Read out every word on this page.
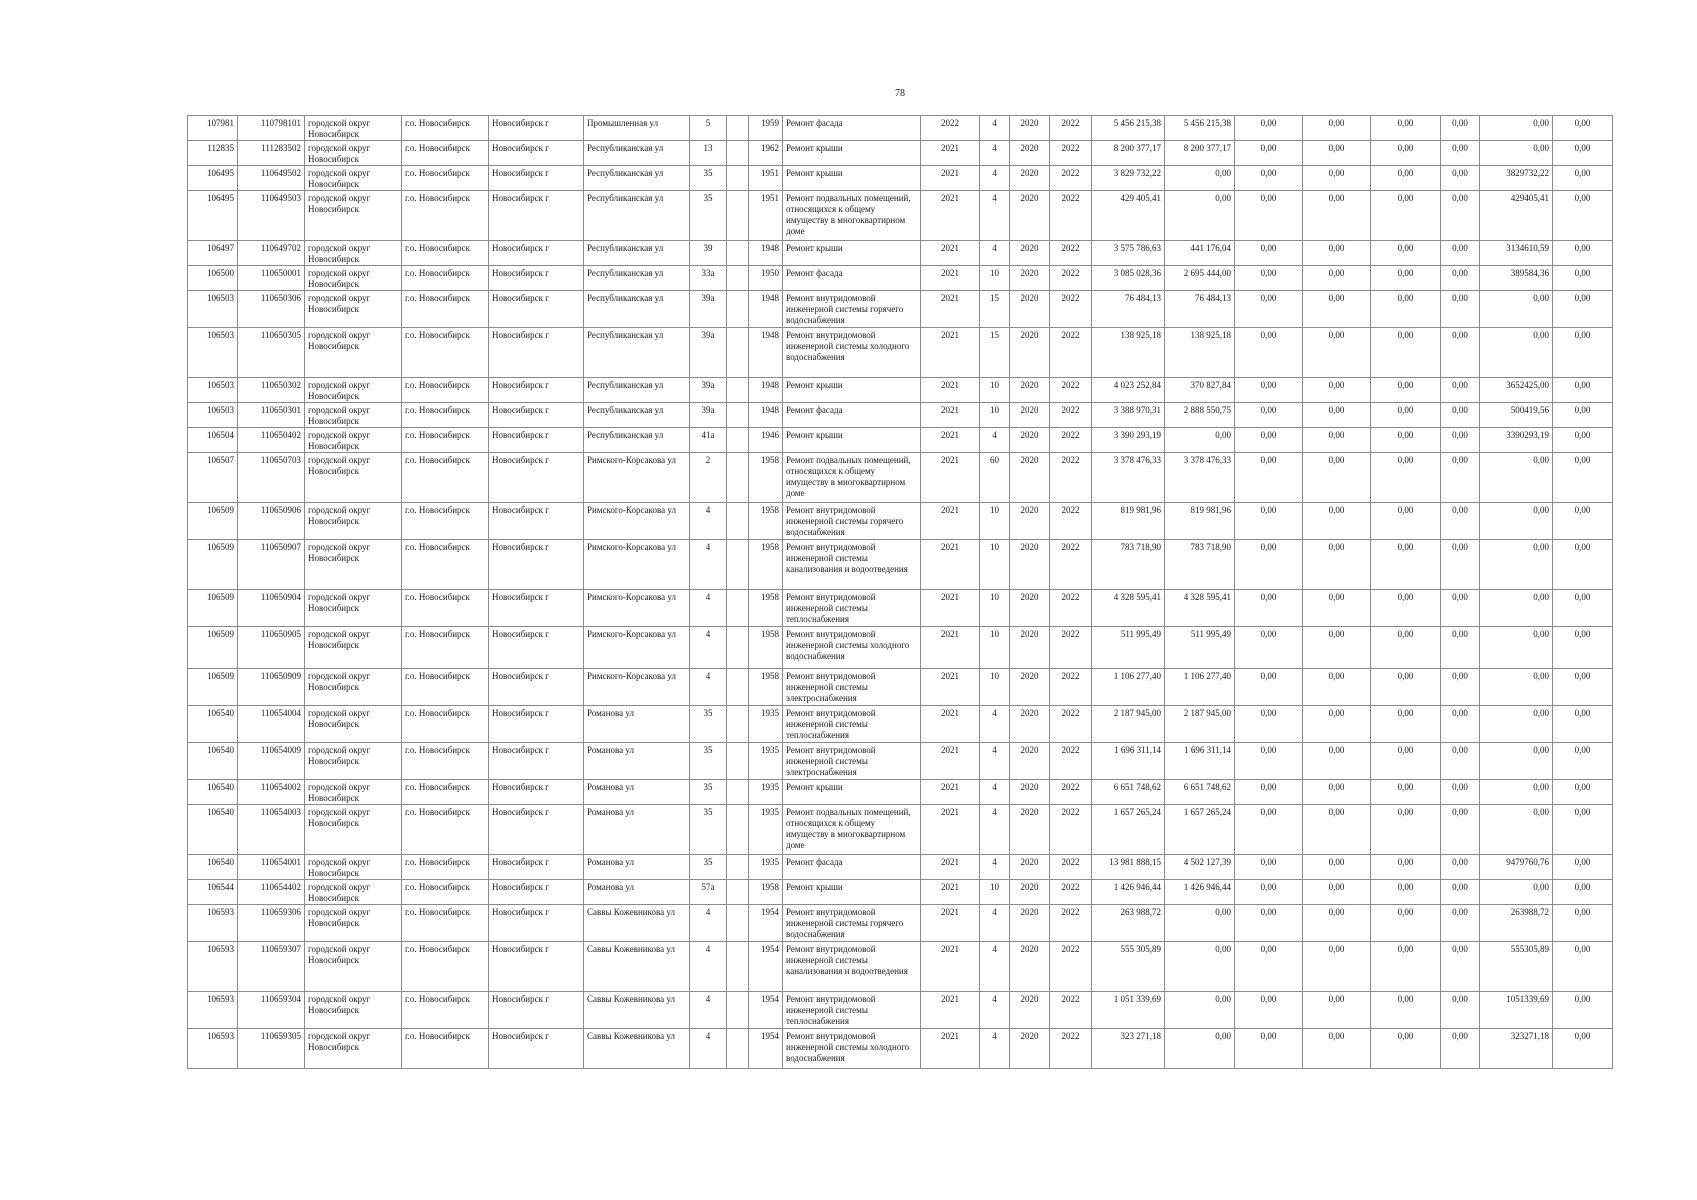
78
107981	110798101	городской округ Новосибирск	г.о. Новосибирск	Новосибирск г	Промышленная ул	5		1959	Ремонт фасада	2022	4	2020	2022	5 456 215,38	5 456 215,38	0,00	0,00	0,00	0,00	0,00	0,00
112835	111283502	городской округ Новосибирск	г.о. Новосибирск	Новосибирск г	Республиканская ул	13		1962	Ремонт крыши	2021	4	2020	2022	8 200 377,17	8 200 377,17	0,00	0,00	0,00	0,00	0,00	0,00
106495	110649502	городской округ Новосибирск	г.о. Новосибирск	Новосибирск г	Республиканская ул	35		1951	Ремонт крыши	2021	4	2020	2022	3 829 732,22	0,00	0,00	0,00	0,00	0,00	3829732,22	0,00
106495	110649503	городской округ Новосибирск	г.о. Новосибирск	Новосибирск г	Республиканская ул	35		1951	Ремонт подвальных помещений, относящихся к общему имуществу в многоквартирном доме	2021	4	2020	2022	429 405,41	0,00	0,00	0,00	0,00	0,00	429405,41	0,00
106497	110649702	городской округ Новосибирск	г.о. Новосибирск	Новосибирск г	Республиканская ул	39		1948	Ремонт крыши	2021	4	2020	2022	3 575 786,63	441 176,04	0,00	0,00	0,00	0,00	3134610,59	0,00
106500	110650001	городской округ Новосибирск	г.о. Новосибирск	Новосибирск г	Республиканская ул	33а		1950	Ремонт фасада	2021	10	2020	2022	3 085 028,36	2 695 444,00	0,00	0,00	0,00	0,00	389584,36	0,00
106503	110650306	городской округ Новосибирск	г.о. Новосибирск	Новосибирск г	Республиканская ул	39а		1948	Ремонт внутридомовой инженерной системы горячего водоснабжения	2021	15	2020	2022	76 484,13	76 484,13	0,00	0,00	0,00	0,00	0,00	0,00
106503	110650305	городской округ Новосибирск	г.о. Новосибирск	Новосибирск г	Республиканская ул	39а		1948	Ремонт внутридомовой инженерной системы холодного водоснабжения	2021	15	2020	2022	138 925,18	138 925,18	0,00	0,00	0,00	0,00	0,00	0,00
106503	110650302	городской округ Новосибирск	г.о. Новосибирск	Новосибирск г	Республиканская ул	39а		1948	Ремонт крыши	2021	10	2020	2022	4 023 252,84	370 827,84	0,00	0,00	0,00	0,00	3652425,00	0,00
106503	110650301	городской округ Новосибирск	г.о. Новосибирск	Новосибирск г	Республиканская ул	39а		1948	Ремонт фасада	2021	10	2020	2022	3 388 970,31	2 888 550,75	0,00	0,00	0,00	0,00	500419,56	0,00
106504	110650402	городской округ Новосибирск	г.о. Новосибирск	Новосибирск г	Республиканская ул	41а		1946	Ремонт крыши	2021	4	2020	2022	3 390 293,19	0,00	0,00	0,00	0,00	0,00	3390293,19	0,00
106507	110650703	городской округ Новосибирск	г.о. Новосибирск	Новосибирск г	Римского-Корсакова ул	2		1958	Ремонт подвальных помещений, относящихся к общему имуществу в многоквартирном доме	2021	60	2020	2022	3 378 476,33	3 378 476,33	0,00	0,00	0,00	0,00	0,00	0,00
106509	110650906	городской округ Новосибирск	г.о. Новосибирск	Новосибирск г	Римского-Корсакова ул	4		1958	Ремонт внутридомовой инженерной системы горячего водоснабжения	2021	10	2020	2022	819 981,96	819 981,96	0,00	0,00	0,00	0,00	0,00	0,00
106509	110650907	городской округ Новосибирск	г.о. Новосибирск	Новосибирск г	Римского-Корсакова ул	4		1958	Ремонт внутридомовой инженерной системы канализования и водоотведения	2021	10	2020	2022	783 718,90	783 718,90	0,00	0,00	0,00	0,00	0,00	0,00
106509	110650904	городской округ Новосибирск	г.о. Новосибирск	Новосибирск г	Римского-Корсакова ул	4		1958	Ремонт внутридомовой инженерной системы теплоснабжения	2021	10	2020	2022	4 328 595,41	4 328 595,41	0,00	0,00	0,00	0,00	0,00	0,00
106509	110650905	городской округ Новосибирск	г.о. Новосибирск	Новосибирск г	Римского-Корсакова ул	4		1958	Ремонт внутридомовой инженерной системы холодного водоснабжения	2021	10	2020	2022	511 995,49	511 995,49	0,00	0,00	0,00	0,00	0,00	0,00
106509	110650909	городской округ Новосибирск	г.о. Новосибирск	Новосибирск г	Римского-Корсакова ул	4		1958	Ремонт внутридомовой инженерной системы электроснабжения	2021	10	2020	2022	1 106 277,40	1 106 277,40	0,00	0,00	0,00	0,00	0,00	0,00
106540	110654004	городской округ Новосибирск	г.о. Новосибирск	Новосибирск г	Романова ул	35		1935	Ремонт внутридомовой инженерной системы теплоснабжения	2021	4	2020	2022	2 187 945,00	2 187 945,00	0,00	0,00	0,00	0,00	0,00	0,00
106540	110654009	городской округ Новосибирск	г.о. Новосибирск	Новосибирск г	Романова ул	35		1935	Ремонт внутридомовой инженерной системы электроснабжения	2021	4	2020	2022	1 696 311,14	1 696 311,14	0,00	0,00	0,00	0,00	0,00	0,00
106540	110654002	городской округ Новосибирск	г.о. Новосибирск	Новосибирск г	Романова ул	35		1935	Ремонт крыши	2021	4	2020	2022	6 651 748,62	6 651 748,62	0,00	0,00	0,00	0,00	0,00	0,00
106540	110654003	городской округ Новосибирск	г.о. Новосибирск	Новосибирск г	Романова ул	35		1935	Ремонт подвальных помещений, относящихся к общему имуществу в многоквартирном доме	2021	4	2020	2022	1 657 265,24	1 657 265,24	0,00	0,00	0,00	0,00	0,00	0,00
106540	110654001	городской округ Новосибирск	г.о. Новосибирск	Новосибирск г	Романова ул	35		1935	Ремонт фасада	2021	4	2020	2022	13 981 888,15	4 502 127,39	0,00	0,00	0,00	0,00	9479760,76	0,00
106544	110654402	городской округ Новосибирск	г.о. Новосибирск	Новосибирск г	Романова ул	57а		1958	Ремонт крыши	2021	10	2020	2022	1 426 946,44	1 426 946,44	0,00	0,00	0,00	0,00	0,00	0,00
106593	110659306	городской округ Новосибирск	г.о. Новосибирск	Новосибирск г	Саввы Кожевникова ул	4		1954	Ремонт внутридомовой инженерной системы горячего водоснабжения	2021	4	2020	2022	263 988,72	0,00	0,00	0,00	0,00	0,00	263988,72	0,00
106593	110659307	городской округ Новосибирск	г.о. Новосибирск	Новосибирск г	Саввы Кожевникова ул	4		1954	Ремонт внутридомовой инженерной системы канализования и водоотведения	2021	4	2020	2022	555 305,89	0,00	0,00	0,00	0,00	0,00	555305,89	0,00
106593	110659304	городской округ Новосибирск	г.о. Новосибирск	Новосибирск г	Саввы Кожевникова ул	4		1954	Ремонт внутридомовой инженерной системы теплоснабжения	2021	4	2020	2022	1 051 339,69	0,00	0,00	0,00	0,00	0,00	1051339,69	0,00
106593	110659305	городской округ Новосибирск	г.о. Новосибирск	Новосибирск г	Саввы Кожевникова ул	4		1954	Ремонт внутридомовой инженерной системы холодного водоснабжения	2021	4	2020	2022	323 271,18	0,00	0,00	0,00	0,00	0,00	323271,18	0,00
